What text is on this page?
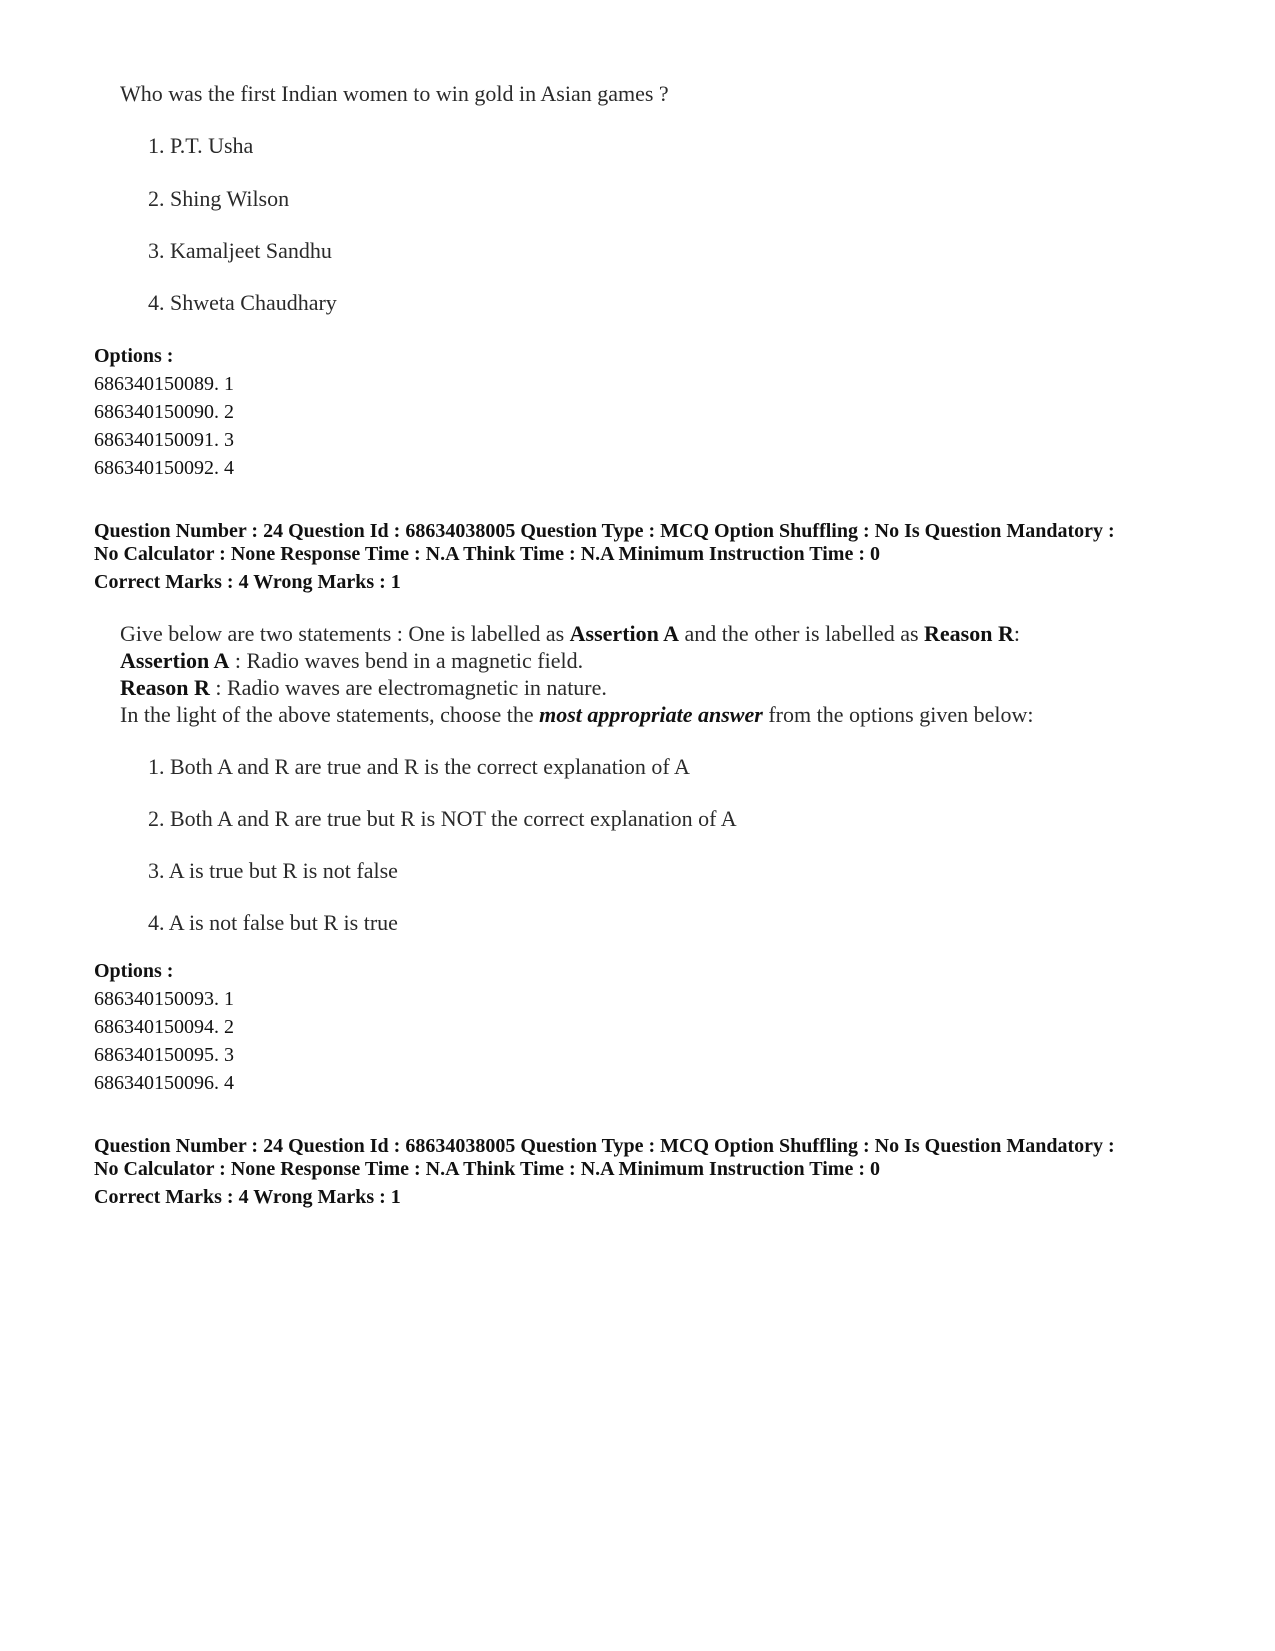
Who was the first Indian women to win gold in Asian games ?
1. P.T. Usha
2. Shing Wilson
3. Kamaljeet Sandhu
4. Shweta Chaudhary
Options :
686340150089. 1
686340150090. 2
686340150091. 3
686340150092. 4
Question Number : 24 Question Id : 68634038005 Question Type : MCQ Option Shuffling : No Is Question Mandatory :
No Calculator : None Response Time : N.A Think Time : N.A Minimum Instruction Time : 0
Correct Marks : 4 Wrong Marks : 1
Give below are two statements : One is labelled as Assertion A and the other is labelled as Reason R:
Assertion A : Radio waves bend in a magnetic field.
Reason R : Radio waves are electromagnetic in nature.
In the light of the above statements, choose the most appropriate answer from the options given below:
1. Both A and R are true and R is the correct explanation of A
2. Both A and R are true but R is NOT the correct explanation of A
3. A is true but R is not false
4. A is not false but R is true
Options :
686340150093. 1
686340150094. 2
686340150095. 3
686340150096. 4
Question Number : 24 Question Id : 68634038005 Question Type : MCQ Option Shuffling : No Is Question Mandatory :
No Calculator : None Response Time : N.A Think Time : N.A Minimum Instruction Time : 0
Correct Marks : 4 Wrong Marks : 1
